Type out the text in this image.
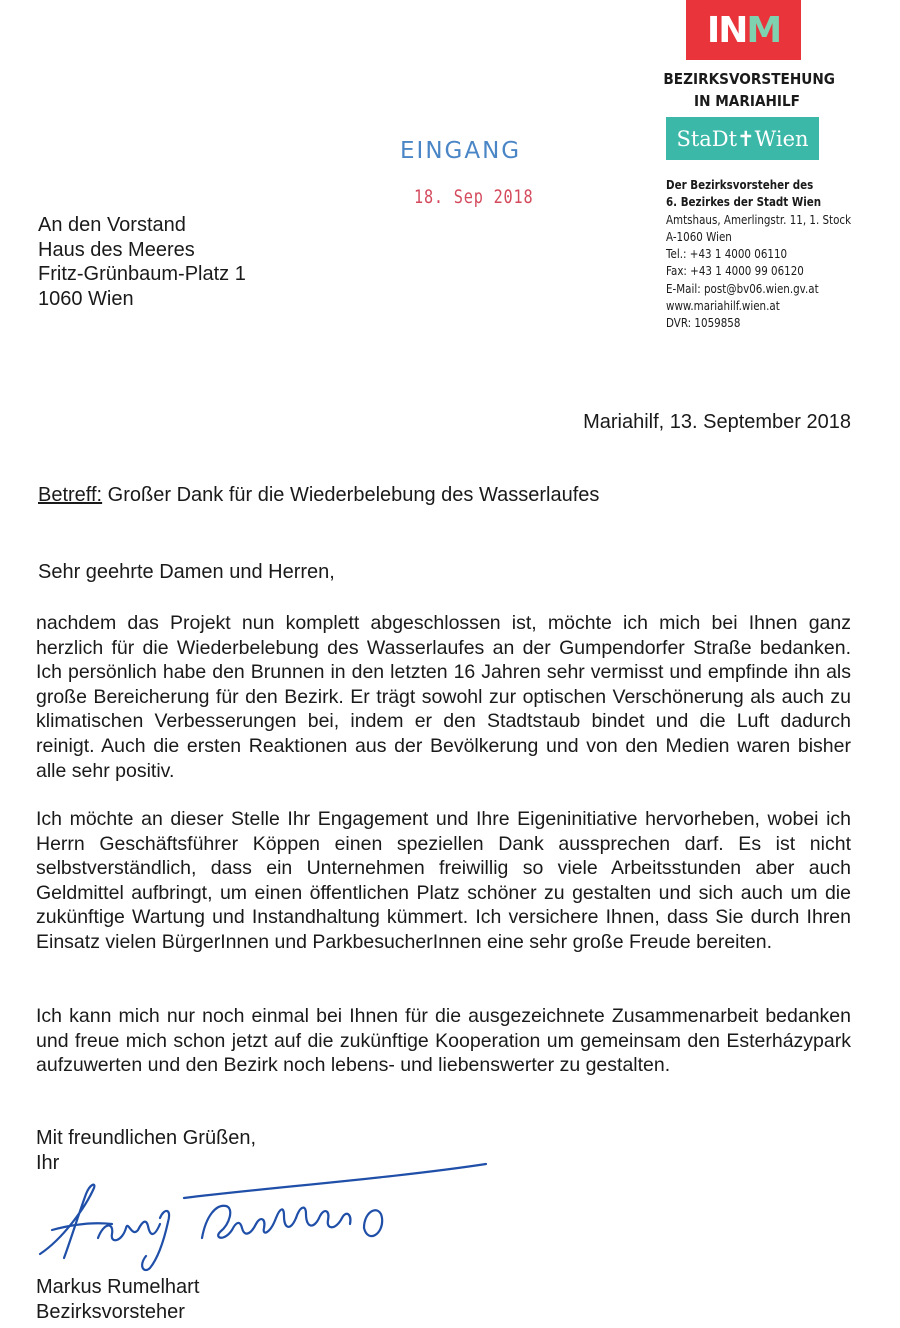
IN M
BEZIRKSVORSTEHUNG
IN MARIAHILF
StaDt✝Wien
Der Bezirksvorsteher des
6. Bezirkes der Stadt Wien
Amtshaus, Amerlingstr. 11, 1. Stock
A-1060 Wien
Tel.: +43 1 4000 06110
Fax: +43 1 4000 99 06120
E-Mail: post@bv06.wien.gv.at
www.mariahilf.wien.at
DVR: 1059858
EINGANG
18. Sep 2018
An den Vorstand
Haus des Meeres
Fritz-Grünbaum-Platz 1
1060 Wien
Mariahilf, 13. September 2018
Betreff: Großer Dank für die Wiederbelebung des Wasserlaufes
Sehr geehrte Damen und Herren,
nachdem das Projekt nun komplett abgeschlossen ist, möchte ich mich bei Ihnen ganz herzlich für die Wiederbelebung des Wasserlaufes an der Gumpendorfer Straße bedanken. Ich persönlich habe den Brunnen in den letzten 16 Jahren sehr vermisst und empfinde ihn als große Bereicherung für den Bezirk. Er trägt sowohl zur optischen Verschönerung als auch zu klimatischen Verbesserungen bei, indem er den Stadtstaub bindet und die Luft dadurch reinigt. Auch die ersten Reaktionen aus der Bevölkerung und von den Medien waren bisher alle sehr positiv.
Ich möchte an dieser Stelle Ihr Engagement und Ihre Eigeninitiative hervorheben, wobei ich Herrn Geschäftsführer Köppen einen speziellen Dank aussprechen darf. Es ist nicht selbstverständlich, dass ein Unternehmen freiwillig so viele Arbeitsstunden aber auch Geldmittel aufbringt, um einen öffentlichen Platz schöner zu gestalten und sich auch um die zukünftige Wartung und Instandhaltung kümmert. Ich versichere Ihnen, dass Sie durch Ihren Einsatz vielen BürgerInnen und ParkbesucherInnen eine sehr große Freude bereiten.
Ich kann mich nur noch einmal bei Ihnen für die ausgezeichnete Zusammenarbeit bedanken und freue mich schon jetzt auf die zukünftige Kooperation um gemeinsam den Esterházypark aufzuwerten und den Bezirk noch lebens- und liebenswerter zu gestalten.
Mit freundlichen Grüßen,
Ihr
Markus Rumelhart
Bezirksvorsteher
